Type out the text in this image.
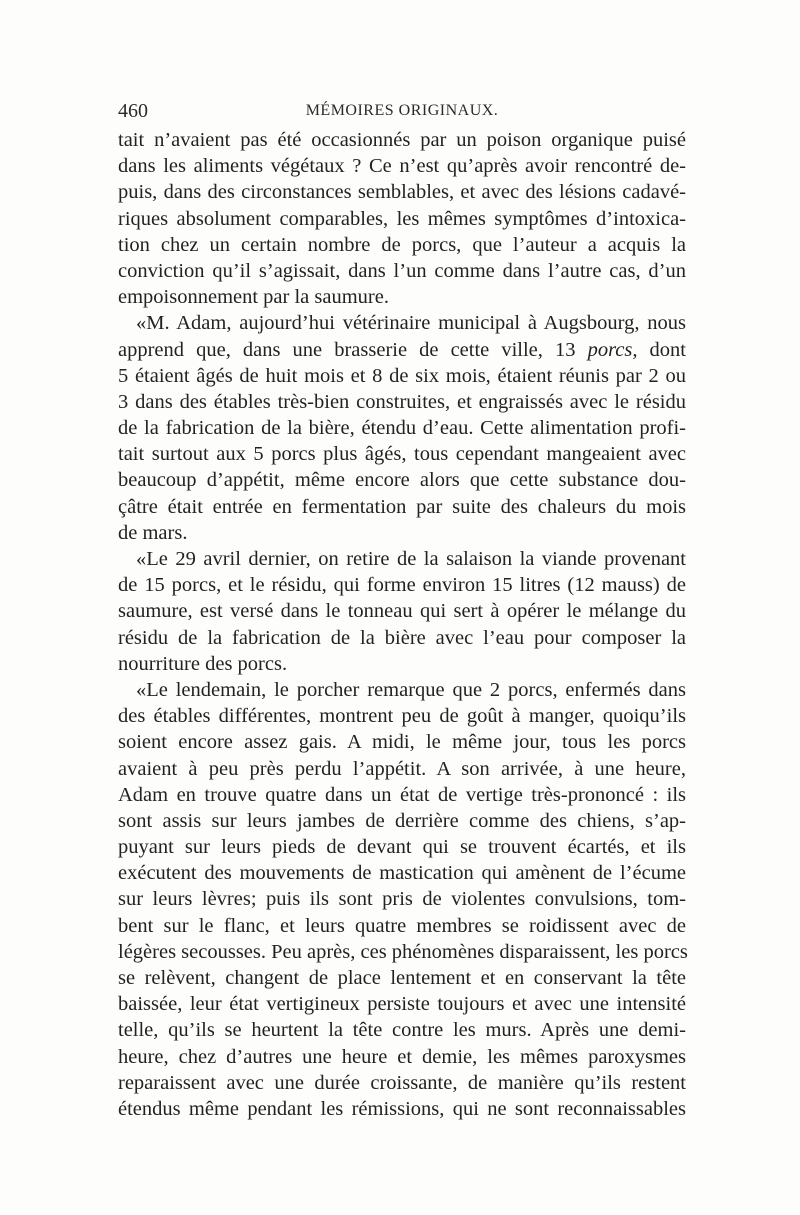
460	MÉMOIRES ORIGINAUX.
tait n’avaient pas été occasionnés par un poison organique puisé
dans les aliments végétaux ? Ce n’est qu’après avoir rencontré de-
puis, dans des circonstances semblables, et avec des lésions cadavé-
riques absolument comparables, les mêmes symptômes d’intoxica-
tion chez un certain nombre de porcs, que l’auteur a acquis la
conviction qu’il s’agissait, dans l’un comme dans l’autre cas, d’un
empoisonnement par la saumure.
«M. Adam, aujourd’hui vétérinaire municipal à Augsbourg, nous
apprend que, dans une brasserie de cette ville, 13 porcs, dont
5 étaient âgés de huit mois et 8 de six mois, étaient réunis par 2 ou
3 dans des étables très-bien construites, et engraissés avec le résidu
de la fabrication de la bière, étendu d’eau. Cette alimentation profi-
tait surtout aux 5 porcs plus âgés, tous cependant mangeaient avec
beaucoup d’appétit, même encore alors que cette substance dou-
çâtre était entrée en fermentation par suite des chaleurs du mois
de mars.
«Le 29 avril dernier, on retire de la salaison la viande provenant
de 15 porcs, et le résidu, qui forme environ 15 litres (12 mauss) de
saumure, est versé dans le tonneau qui sert à opérer le mélange du
résidu de la fabrication de la bière avec l’eau pour composer la
nourriture des porcs.
«Le lendemain, le porcher remarque que 2 porcs, enfermés dans
des étables différentes, montrent peu de goût à manger, quoiqu’ils
soient encore assez gais. A midi, le même jour, tous les porcs
avaient à peu près perdu l’appétit. A son arrivée, à une heure,
Adam en trouve quatre dans un état de vertige très-prononcé : ils
sont assis sur leurs jambes de derrière comme des chiens, s’ap-
puyant sur leurs pieds de devant qui se trouvent écartés, et ils
exécutent des mouvements de mastication qui amènent de l’écume
sur leurs lèvres; puis ils sont pris de violentes convulsions, tom-
bent sur le flanc, et leurs quatre membres se roidissent avec de
légères secousses. Peu après, ces phénomènes disparaissent, les porcs
se relèvent, changent de place lentement et en conservant la tête
baissée, leur état vertigineux persiste toujours et avec une intensité
telle, qu’ils se heurtent la tête contre les murs. Après une demi-
heure, chez d’autres une heure et demie, les mêmes paroxysmes
reparaissent avec une durée croissante, de manière qu’ils restent
étendus même pendant les rémissions, qui ne sont reconnaissables
